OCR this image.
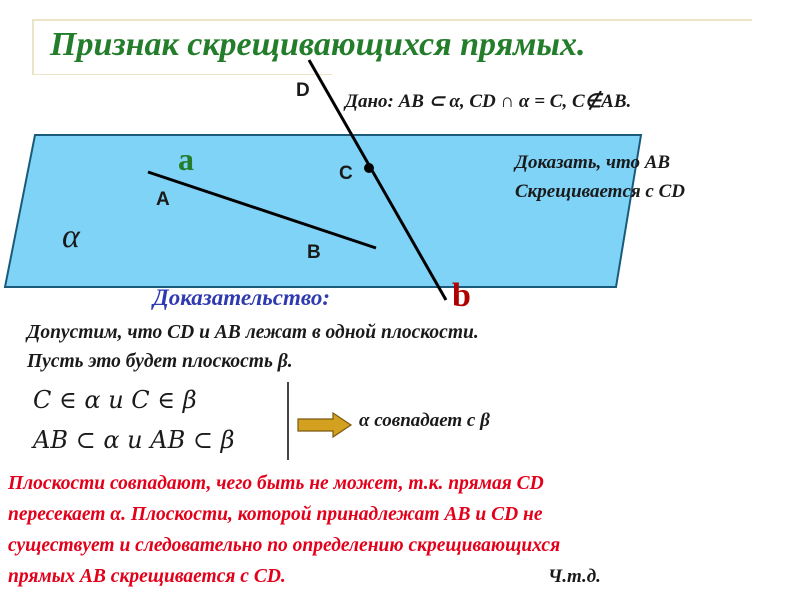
Признак скрещивающихся прямых.
D
C
A
B
a
b
α
Дано: AB ⊂ α, CD ∩ α = C, C∉AB.
Доказать, что AB
Скрещивается с CD
Доказательство:
Допустим, что CD и AB лежат в одной плоскости.
Пусть это будет плоскость β.
C ∈ α и C ∈ β
AB ⊂ α и AB ⊂ β
α совпадает с β
Плоскости совпадают, чего быть не может, т.к. прямая CD
пересекает α. Плоскости, которой принадлежат AB и CD не
существует и следовательно по определению скрещивающихся
прямых AB скрещивается с CD.	Ч.т.д.
